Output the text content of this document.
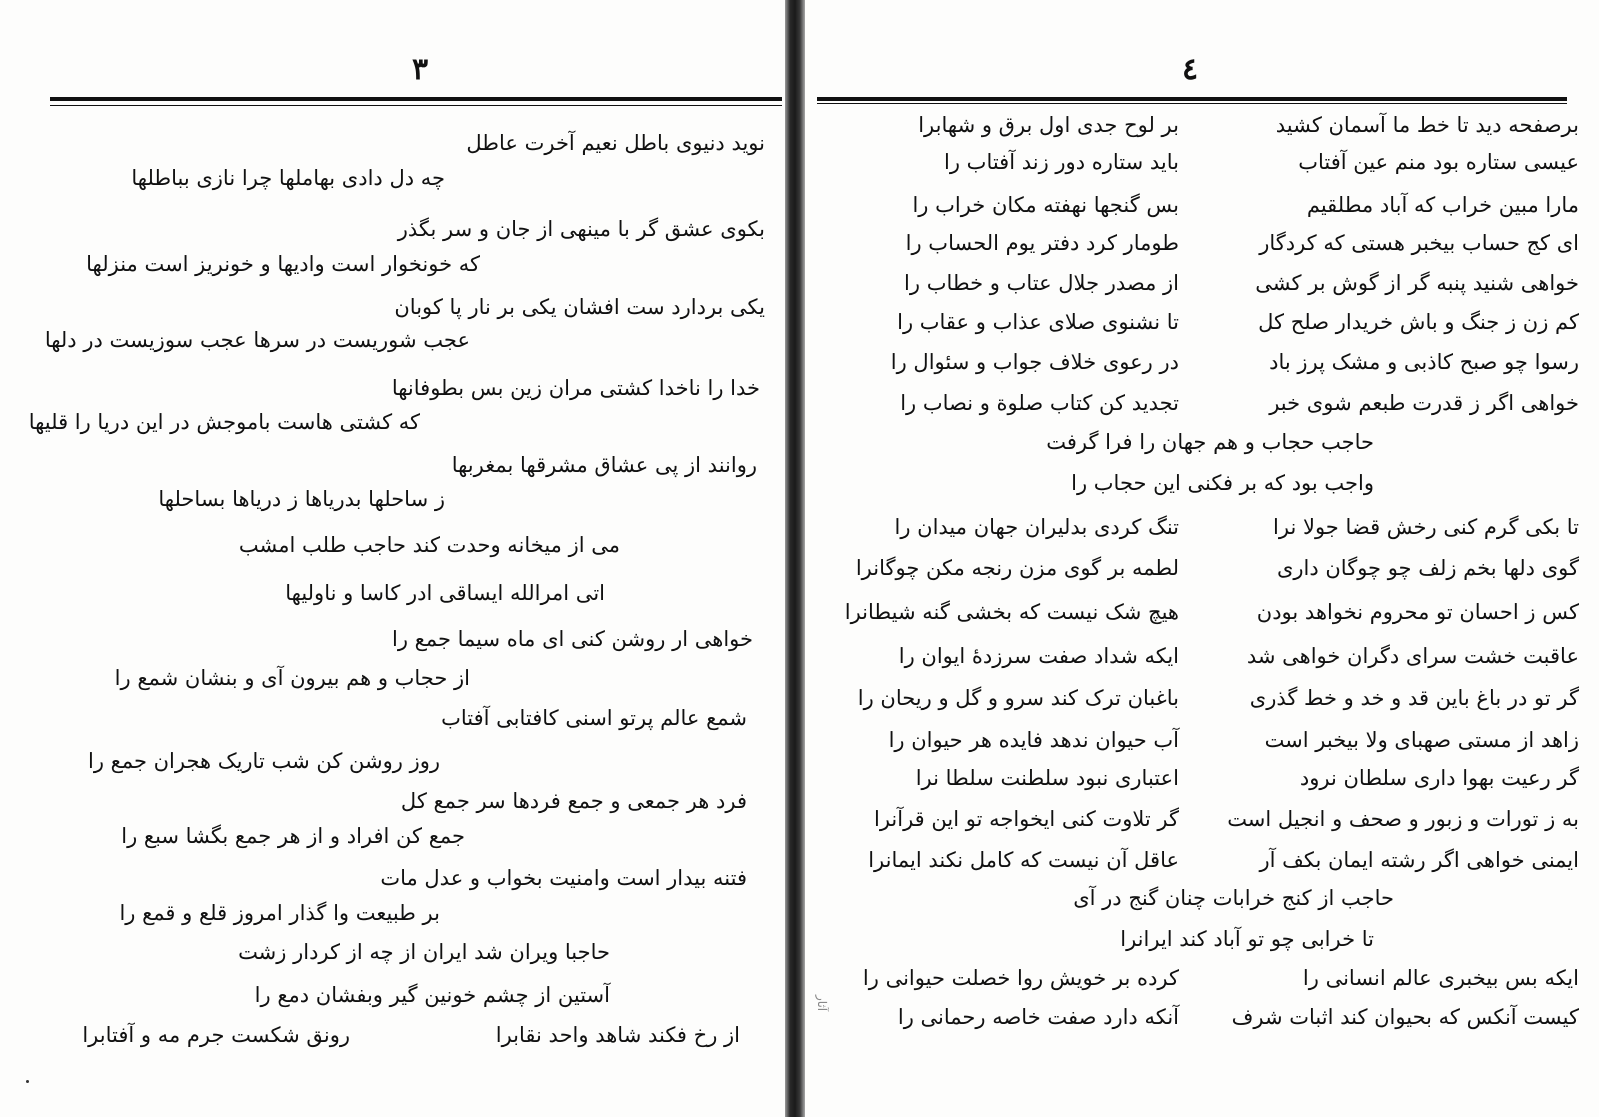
۳
نوید دنیوی باطل نعیم آخرت عاطل
چه دل دادی بهاملها چرا نازی بباطلها
بکوی عشق گر با مینهی از جان و سر بگذر
که خونخوار است وادیها و خونریز است منزلها
یکی بردارد ست افشان یکی بر نار پا کوبان
عجب شوریست در سرها عجب سوزیست در دلها
خدا را ناخدا کشتی مران زین بس بطوفانها
که کشتی هاست باموجش در این دریا را قلیها
روانند از پی عشاق مشرقها بمغربها
ز ساحلها بدریاها ز دریاها بساحلها
می از میخانه وحدت کند حاجب طلب امشب
اتی امرالله ایساقی ادر کاسا و ناولیها
خواهی ار روشن کنی ای ماه سیما جمع را
از حجاب و هم بیرون آی و بنشان شمع را
شمع عالم پرتو اسنی کافتابی آفتاب
روز روشن کن شب تاریک هجران جمع را
فرد هر جمعی و جمع فردها سر جمع کل
جمع کن افراد و از هر جمع بگشا سبع را
فتنه بیدار است وامنیت بخواب و عدل مات
بر طبیعت وا گذار امروز قلع و قمع را
حاجبا ویران شد ایران از چه از کردار زشت
آستین از چشم خونین گیر وبفشان دمع را
از رخ فکند شاهد واحد نقابرا
رونق شکست جرم مه و آفتابرا
٤
برصفحه دید تا خط ما آسمان کشید
بر لوح جدی اول برق و شهابرا
عیسی ستاره بود منم عین آفتاب
باید ستاره دور زند آفتاب را
مارا مبین خراب که آباد مطلقیم
بس گنجها نهفته مکان خراب را
ای کج حساب بیخبر هستی که کردگار
طومار کرد دفتر یوم الحساب را
خواهی شنید پنبه گر از گوش بر کشی
از مصدر جلال عتاب و خطاب را
کم زن ز جنگ و باش خریدار صلح کل
تا نشنوی صلای عذاب و عقاب را
رسوا چو صبح کاذبی و مشک پرز باد
در رعوی خلاف جواب و سئوال را
خواهی اگر ز قدرت طبعم شوی خبر
تجدید کن کتاب صلوة و نصاب را
حاجب حجاب و هم جهان را فرا گرفت
واجب بود که بر فکنی این حجاب را
تا بکی گرم کنی رخش قضا جولا نرا
تنگ کردی بدلیران جهان میدان را
گوی دلها بخم زلف چو چوگان داری
لطمه بر گوی مزن رنجه مکن چوگانرا
کس ز احسان تو محروم نخواهد بودن
هیچ شک نیست که بخشی گنه شیطانرا
عاقبت خشت سرای دگران خواهی شد
ایکه شداد صفت سرزدهٔ ایوان را
گر تو در باغ باین قد و خد و خط گذری
باغبان ترک کند سرو و گل و ریحان را
زاهد از مستی صهبای ولا بیخبر است
آب حیوان ندهد فایده هر حیوان را
گر رعیت بهوا داری سلطان نرود
اعتباری نبود سلطنت سلطا نرا
به ز تورات و زبور و صحف و انجیل است
گر تلاوت کنی ایخواجه تو این قرآنرا
ایمنی خواهی اگر رشته ایمان بکف آر
عاقل آن نیست که کامل نکند ایمانرا
حاجب از کنج خرابات چنان گنج در آی
تا خرابی چو تو آباد کند ایرانرا
ایکه بس بیخبری عالم انسانی را
کرده بر خویش روا خصلت حیوانی را
کیست آنکس که بحیوان کند اثبات شرف
آنکه دارد صفت خاصه رحمانی را
آثار
